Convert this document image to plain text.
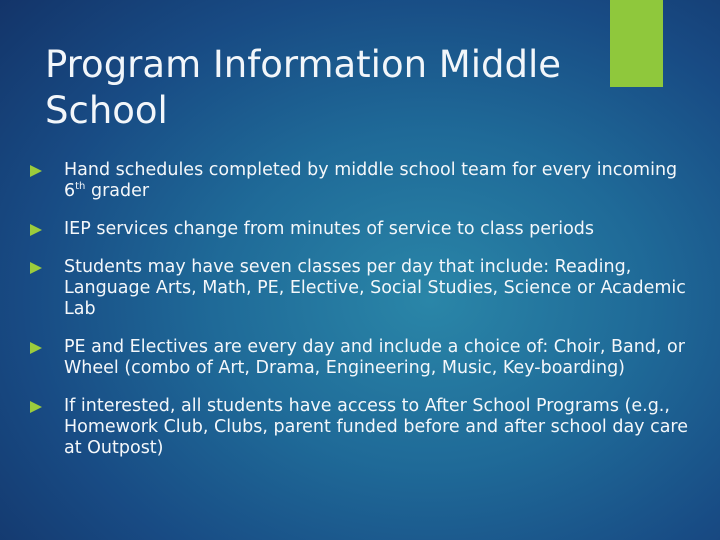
Program Information Middle School
Hand schedules completed by middle school team for every incoming 6th grader
IEP services change from minutes of service to class periods
Students may have seven classes per day that include: Reading, Language Arts, Math, PE, Elective, Social Studies, Science or Academic Lab
PE and Electives are every day and include a choice of: Choir, Band, or Wheel (combo of Art, Drama, Engineering, Music, Key-boarding)
If interested, all students have access to After School Programs (e.g., Homework Club, Clubs, parent funded before and after school day care at Outpost)
